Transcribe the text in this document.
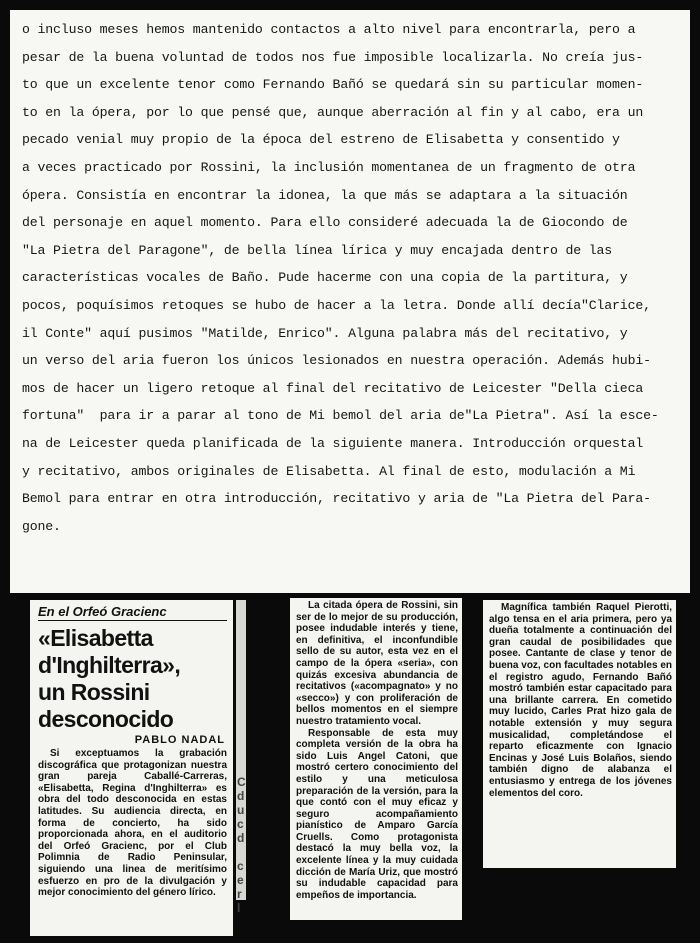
o incluso meses hemos mantenido contactos a alto nivel para encontrarla, pero a
pesar de la buena voluntad de todos nos fue imposible localizarla. No creía jus-
to que un excelente tenor como Fernando Bañó se quedará sin su particular momen-
to en la ópera, por lo que pensé que, aunque aberración al fin y al cabo, era un
pecado venial muy propio de la época del estreno de Elisabetta y consentido y
a veces practicado por Rossini, la inclusión momentanea de un fragmento de otra
ópera. Consistía en encontrar la idonea, la que más se adaptara a la situación
del personaje en aquel momento. Para ello consideré adecuada la de Giocondo de
"La Pietra del Paragone", de bella línea lírica y muy encajada dentro de las
características vocales de Baño. Pude hacerme con una copia de la partitura, y
pocos, poquísimos retoques se hubo de hacer a la letra. Donde allí decía"Clarice,
il Conte" aquí pusimos "Matilde, Enrico". Alguna palabra más del recitativo, y
un verso del aria fueron los únicos lesionados en nuestra operación. Además hubi-
mos de hacer un ligero retoque al final del recitativo de Leicester "Della cieca
fortuna"  para ir a parar al tono de Mi bemol del aria de"La Pietra". Así la esce-
na de Leicester queda planificada de la siguiente manera. Introducción orquestal
y recitativo, ambos originales de Elisabetta. Al final de esto, modulación a Mi
Bemol para entrar en otra introducción, recitativo y aria de "La Pietra del Para-
gone.
En el Orfeó Gracienc
«Elisabetta
d'Inghilterra»,
un Rossini
desconocido
PABLO NADAL

Si exceptuamos la grabación discográfica que protagonizan nuestra gran pareja Caballé-Carreras, «Elisabetta, Regina d'Inghilterra» es obra del todo desconocida en estas latitudes. Su audiencia directa, en forma de concierto, ha sido proporcionada ahora, en el auditorio del Orfeó Gracienc, por el Club Polimnia de Radio Peninsular, siguiendo una linea de meritísimo esfuerzo en pro de la divulgación y mejor conocimiento del género lírico.

C
d
u
c
d

c
e
r
l

La citada ópera de Rossini, sin ser de lo mejor de su producción, posee indudable interés y tiene, en definitiva, el inconfundible sello de su autor, esta vez en el campo de la ópera «seria», con quizás excesiva abundancia de recitativos («acompagnato» y no «secco») y con proliferación de bellos momentos en el siempre nuestro tratamiento vocal.

Responsable de esta muy completa versión de la obra ha sido Luis Angel Catoni, que mostró certero conocimiento del estilo y una meticulosa preparación de la versión, para la que contó con el muy eficaz y seguro acompañamiento pianístico de Amparo García Cruells. Como protagonista destacó la muy bella voz, la excelente línea y la muy cuidada dicción de María Uriz, que mostró su indudable capacidad para empeños de importancia.

Magnífica también Raquel Pierotti, algo tensa en el aria primera, pero ya dueña totalmente a continuación del gran caudal de posibilidades que posee. Cantante de clase y tenor de buena voz, con facultades notables en el registro agudo, Fernando Bañó mostró también estar capacitado para una brillante carrera. En cometido muy lucido, Carles Prat hizo gala de notable extensión y muy segura musicalidad, completándose el reparto eficazmente con Ignacio Encinas y José Luis Bolaños, siendo también digno de alabanza el entusiasmo y entrega de los jóvenes elementos del coro.
